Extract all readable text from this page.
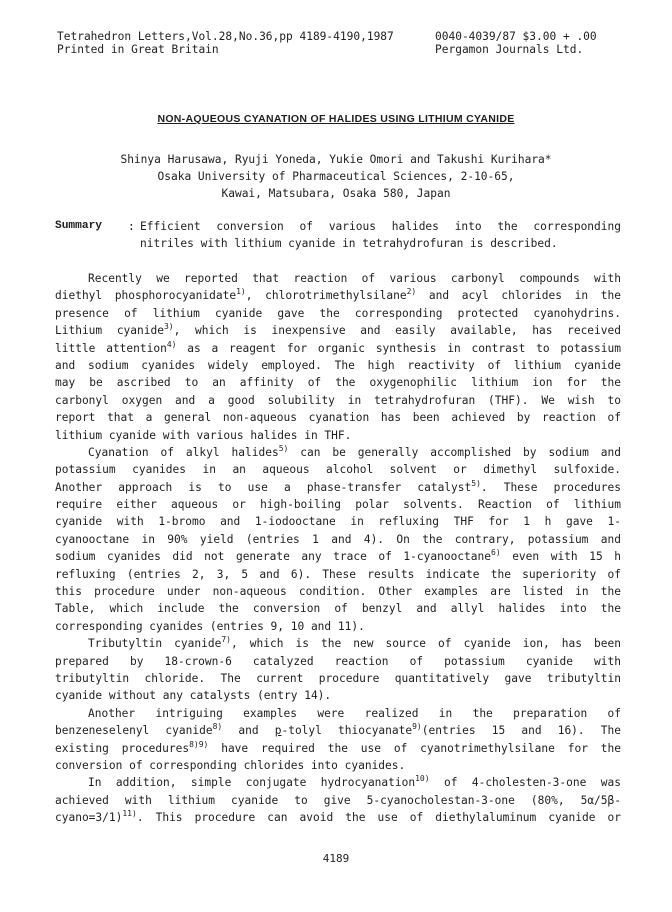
Tetrahedron Letters,Vol.28,No.36,pp 4189-4190,1987
Printed in Great Britain
0040-4039/87 $3.00 + .00
Pergamon Journals Ltd.
NON-AQUEOUS CYANATION OF HALIDES USING LITHIUM CYANIDE
Shinya Harusawa, Ryuji Yoneda, Yukie Omori and Takushi Kurihara*
Osaka University of Pharmaceutical Sciences, 2-10-65,
Kawai, Matsubara, Osaka 580, Japan
Summary : Efficient conversion of various halides into the corresponding
nitriles with lithium cyanide in tetrahydrofuran is described.
Recently we reported that reaction of various carbonyl compounds with
diethyl phosphorocyanidate$^{1)}$, chlorotrimethylsilane$^{2)}$ and acyl chlorides in the
presence of lithium cyanide gave the corresponding protected cyanohydrins.
Lithium cyanide$^{3)}$, which is inexpensive and easily available, has received
little attention$^{4)}$ as a reagent for organic synthesis in contrast to potassium
and sodium cyanides widely employed. The high reactivity of lithium cyanide
may be ascribed to an affinity of the oxygenophilic lithium ion for the
carbonyl oxygen and a good solubility in tetrahydrofuran (THF). We wish to
report that a general non-aqueous cyanation has been achieved by reaction of
lithium cyanide with various halides in THF.
Cyanation of alkyl halides$^{5)}$ can be generally accomplished by sodium and
potassium cyanides in an aqueous alcohol solvent or dimethyl sulfoxide.
Another approach is to use a phase-transfer catalyst$^{5)}$. These procedures
require either aqueous or high-boiling polar solvents. Reaction of lithium
cyanide with 1-bromo and 1-iodooctane in refluxing THF for 1 h gave 1-
cyanooctane in 90% yield (entries 1 and 4). On the contrary, potassium and
sodium cyanides did not generate any trace of 1-cyanooctane$^{6)}$ even with 15 h
refluxing (entries 2, 3, 5 and 6). These results indicate the superiority of
this procedure under non-aqueous condition. Other examples are listed in the
Table, which include the conversion of benzyl and allyl halides into the
corresponding cyanides (entries 9, 10 and 11).
Tributyltin cyanide$^{7)}$, which is the new source of cyanide ion, has been
prepared by 18-crown-6 catalyzed reaction of potassium cyanide with
tributyltin chloride. The current procedure quantitatively gave tributyltin
cyanide without any catalysts (entry 14).
Another intriguing examples were realized in the preparation of
benzeneselenyl cyanide$^{8)}$ and p-tolyl thiocyanate$^{9)}$(entries 15 and 16). The
existing procedures$^{8)9)}$ have required the use of cyanotrimethylsilane for the
conversion of corresponding chlorides into cyanides.
In addition, simple conjugate hydrocyanation$^{10)}$ of 4-cholesten-3-one was
achieved with lithium cyanide to give 5-cyanocholestan-3-one (80%, 5α/5β-
cyano=3/1)$^{11)}$. This procedure can avoid the use of diethylaluminum cyanide or
4189
